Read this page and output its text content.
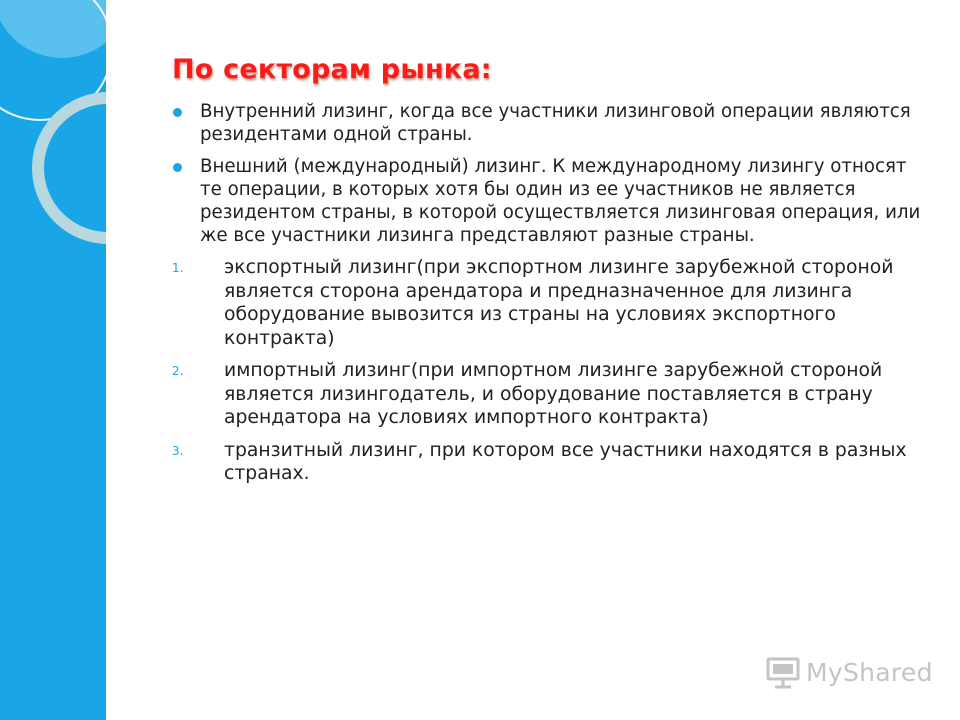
По секторам рынка:
Внутренний лизинг, когда все участники лизинговой операции являются резидентами одной страны.
Внешний (международный) лизинг. К международному лизингу относят те операции, в которых хотя бы один из ее участников не является резидентом страны, в которой осуществляется лизинговая операция, или же все участники лизинга представляют разные страны.
1. экспортный лизинг(при экспортном лизинге зарубежной стороной является сторона арендатора и предназначенное для лизинга оборудование вывозится из страны на условиях экспортного контракта)
2. импортный лизинг(при импортном лизинге зарубежной стороной является лизингодатель, и оборудование поставляется в страну арендатора на условиях импортного контракта)
3. транзитный лизинг, при котором все участники находятся в разных странах.
MyShared
